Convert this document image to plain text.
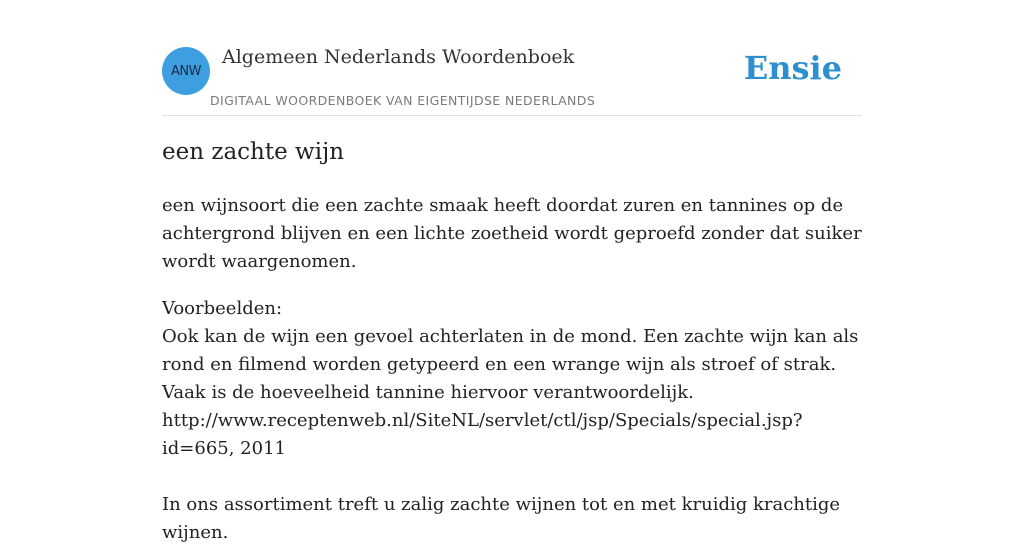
ANW
Algemeen Nederlands Woordenboek
DIGITAAL WOORDENBOEK VAN EIGENTIJDSE NEDERLANDS
Ensie
een zachte wijn

een wijnsoort die een zachte smaak heeft doordat zuren en tannines op de achtergrond blijven en een lichte zoetheid wordt geproefd zonder dat suiker wordt waargenomen.

Voorbeelden:

Ook kan de wijn een gevoel achterlaten in de mond. Een zachte wijn kan als rond en filmend worden getypeerd en een wrange wijn als stroef of strak. Vaak is de hoeveelheid tannine hiervoor verantwoordelijk.

http://www.receptenweb.nl/SiteNL/servlet/ctl/jsp/Specials/special.jsp?id=665, 2011

In ons assortiment treft u zalig zachte wijnen tot en met kruidig krachtige wijnen.
